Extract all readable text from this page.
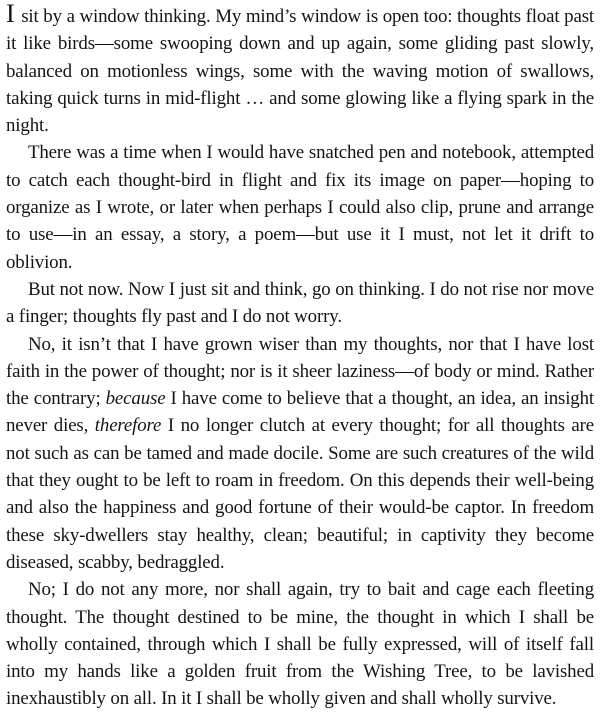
I sit by a window thinking. My mind’s window is open too: thoughts float past it like birds—some swooping down and up again, some gliding past slowly, balanced on motionless wings, some with the waving motion of swallows, taking quick turns in mid-flight … and some glowing like a flying spark in the night.

There was a time when I would have snatched pen and notebook, attempted to catch each thought-bird in flight and fix its image on paper—hoping to organize as I wrote, or later when perhaps I could also clip, prune and arrange to use—in an essay, a story, a poem—but use it I must, not let it drift to oblivion.

But not now. Now I just sit and think, go on thinking. I do not rise nor move a finger; thoughts fly past and I do not worry.

No, it isn’t that I have grown wiser than my thoughts, nor that I have lost faith in the power of thought; nor is it sheer laziness—of body or mind. Rather the contrary; because I have come to believe that a thought, an idea, an insight never dies, therefore I no longer clutch at every thought; for all thoughts are not such as can be tamed and made docile. Some are such creatures of the wild that they ought to be left to roam in freedom. On this depends their well-being and also the happiness and good fortune of their would-be captor. In freedom these sky-dwellers stay healthy, clean; beautiful; in captivity they become diseased, scabby, bedraggled.

No; I do not any more, nor shall again, try to bait and cage each fleeting thought. The thought destined to be mine, the thought in which I shall be wholly contained, through which I shall be fully expressed, will of itself fall into my hands like a golden fruit from the Wishing Tree, to be lavished inexhaustibly on all. In it I shall be wholly given and shall wholly survive.
